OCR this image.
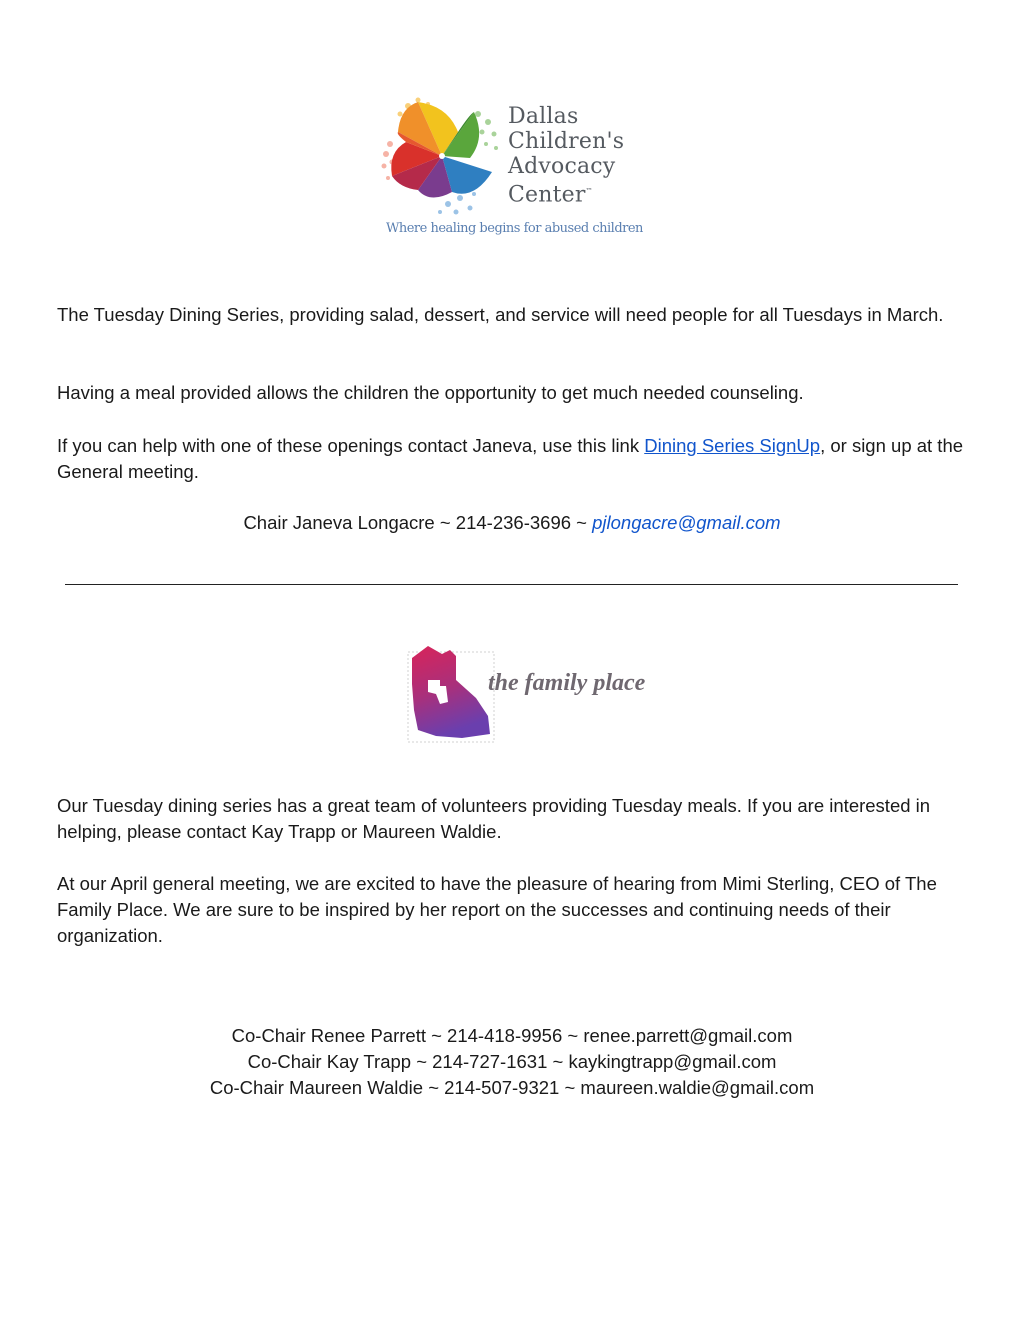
Dallas
Children's
Advocacy
Center™
Where healing begins for abused children

The Tuesday Dining Series, providing salad, dessert, and service will need people for all Tuesdays in March.

Having a meal provided allows the children the opportunity to get much needed counseling.

If you can help with one of these openings contact Janeva, use this link Dining Series SignUp, or sign up at the General meeting.

Chair Janeva Longacre ~ 214-236-3696 ~ pjlongacre@gmail.com

the family place

Our Tuesday dining series has a great team of volunteers providing Tuesday meals. If you are interested in helping, please contact Kay Trapp or Maureen Waldie.

At our April general meeting, we are excited to have the pleasure of hearing from Mimi Sterling, CEO of The Family Place. We are sure to be inspired by her report on the successes and continuing needs of their organization.

Co-Chair Renee Parrett ~ 214-418-9956 ~ renee.parrett@gmail.com

Co-Chair Kay Trapp ~ 214-727-1631 ~ kaykingtrapp@gmail.com

Co-Chair Maureen Waldie ~ 214-507-9321 ~ maureen.waldie@gmail.com
